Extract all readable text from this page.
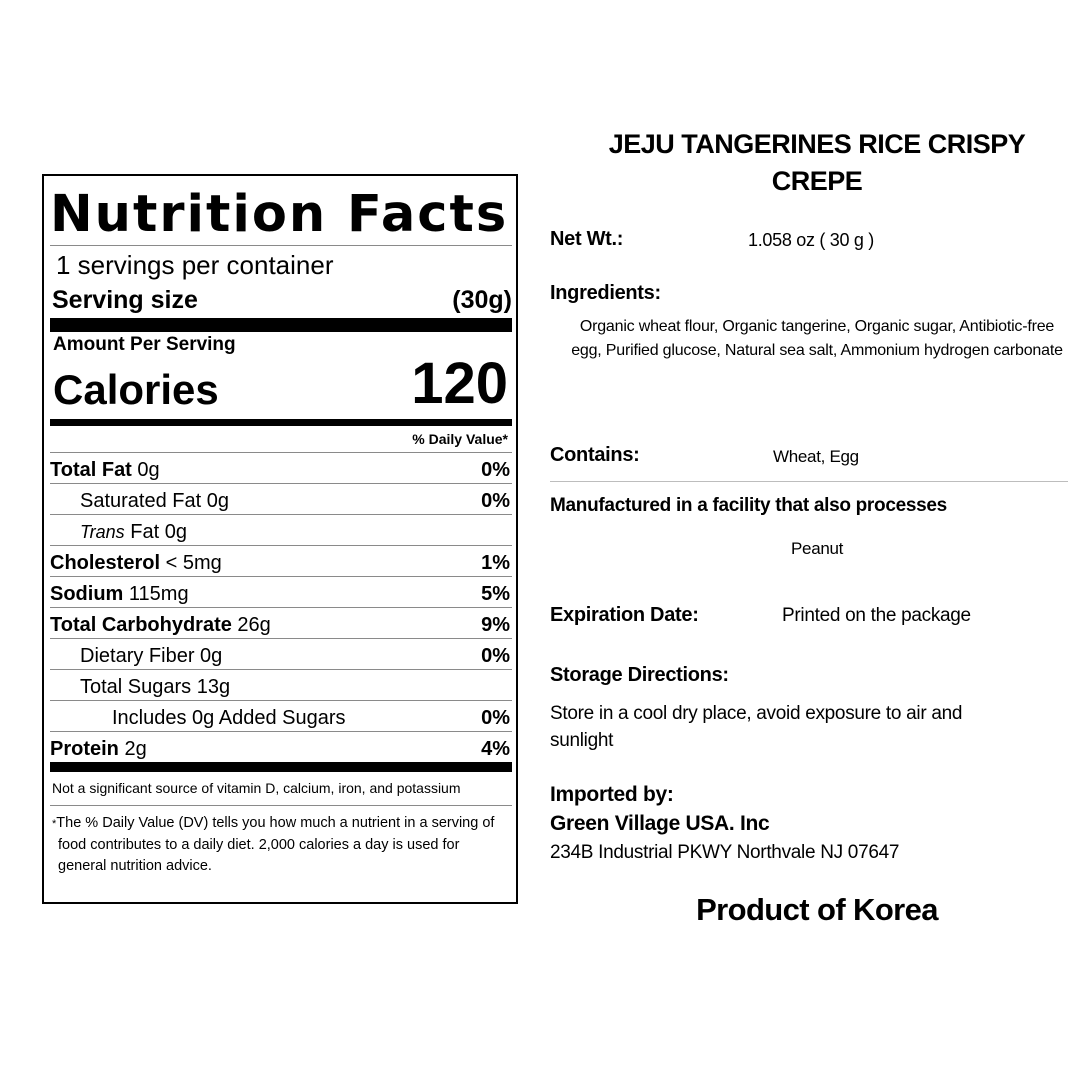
Nutrition Facts
1 servings per container
Serving size	(30g)
Amount Per Serving
Calories	120
% Daily Value*
Total Fat 0g	0%
Saturated Fat 0g	0%
Trans Fat 0g
Cholesterol < 5mg	1%
Sodium 115mg	5%
Total Carbohydrate 26g	9%
Dietary Fiber 0g	0%
Total Sugars 13g
Includes 0g Added Sugars	0%
Protein 2g	4%
Not a significant source of vitamin D, calcium, iron, and potassium
*The % Daily Value (DV) tells you how much a nutrient in a serving of food contributes to a daily diet. 2,000 calories a day is used for general nutrition advice.
JEJU TANGERINES RICE CRISPY CREPE
Net Wt.:	1.058 oz ( 30 g )
Ingredients:
Organic wheat flour, Organic tangerine, Organic sugar, Antibiotic-free egg, Purified glucose, Natural sea salt, Ammonium hydrogen carbonate
Contains:	Wheat, Egg
Manufactured in a facility that also processes
Peanut
Expiration Date:	Printed on the package
Storage Directions:
Store in a cool dry place, avoid exposure to air and sunlight
Imported by:
Green Village USA. Inc
234B Industrial PKWY Northvale NJ 07647
Product of Korea
